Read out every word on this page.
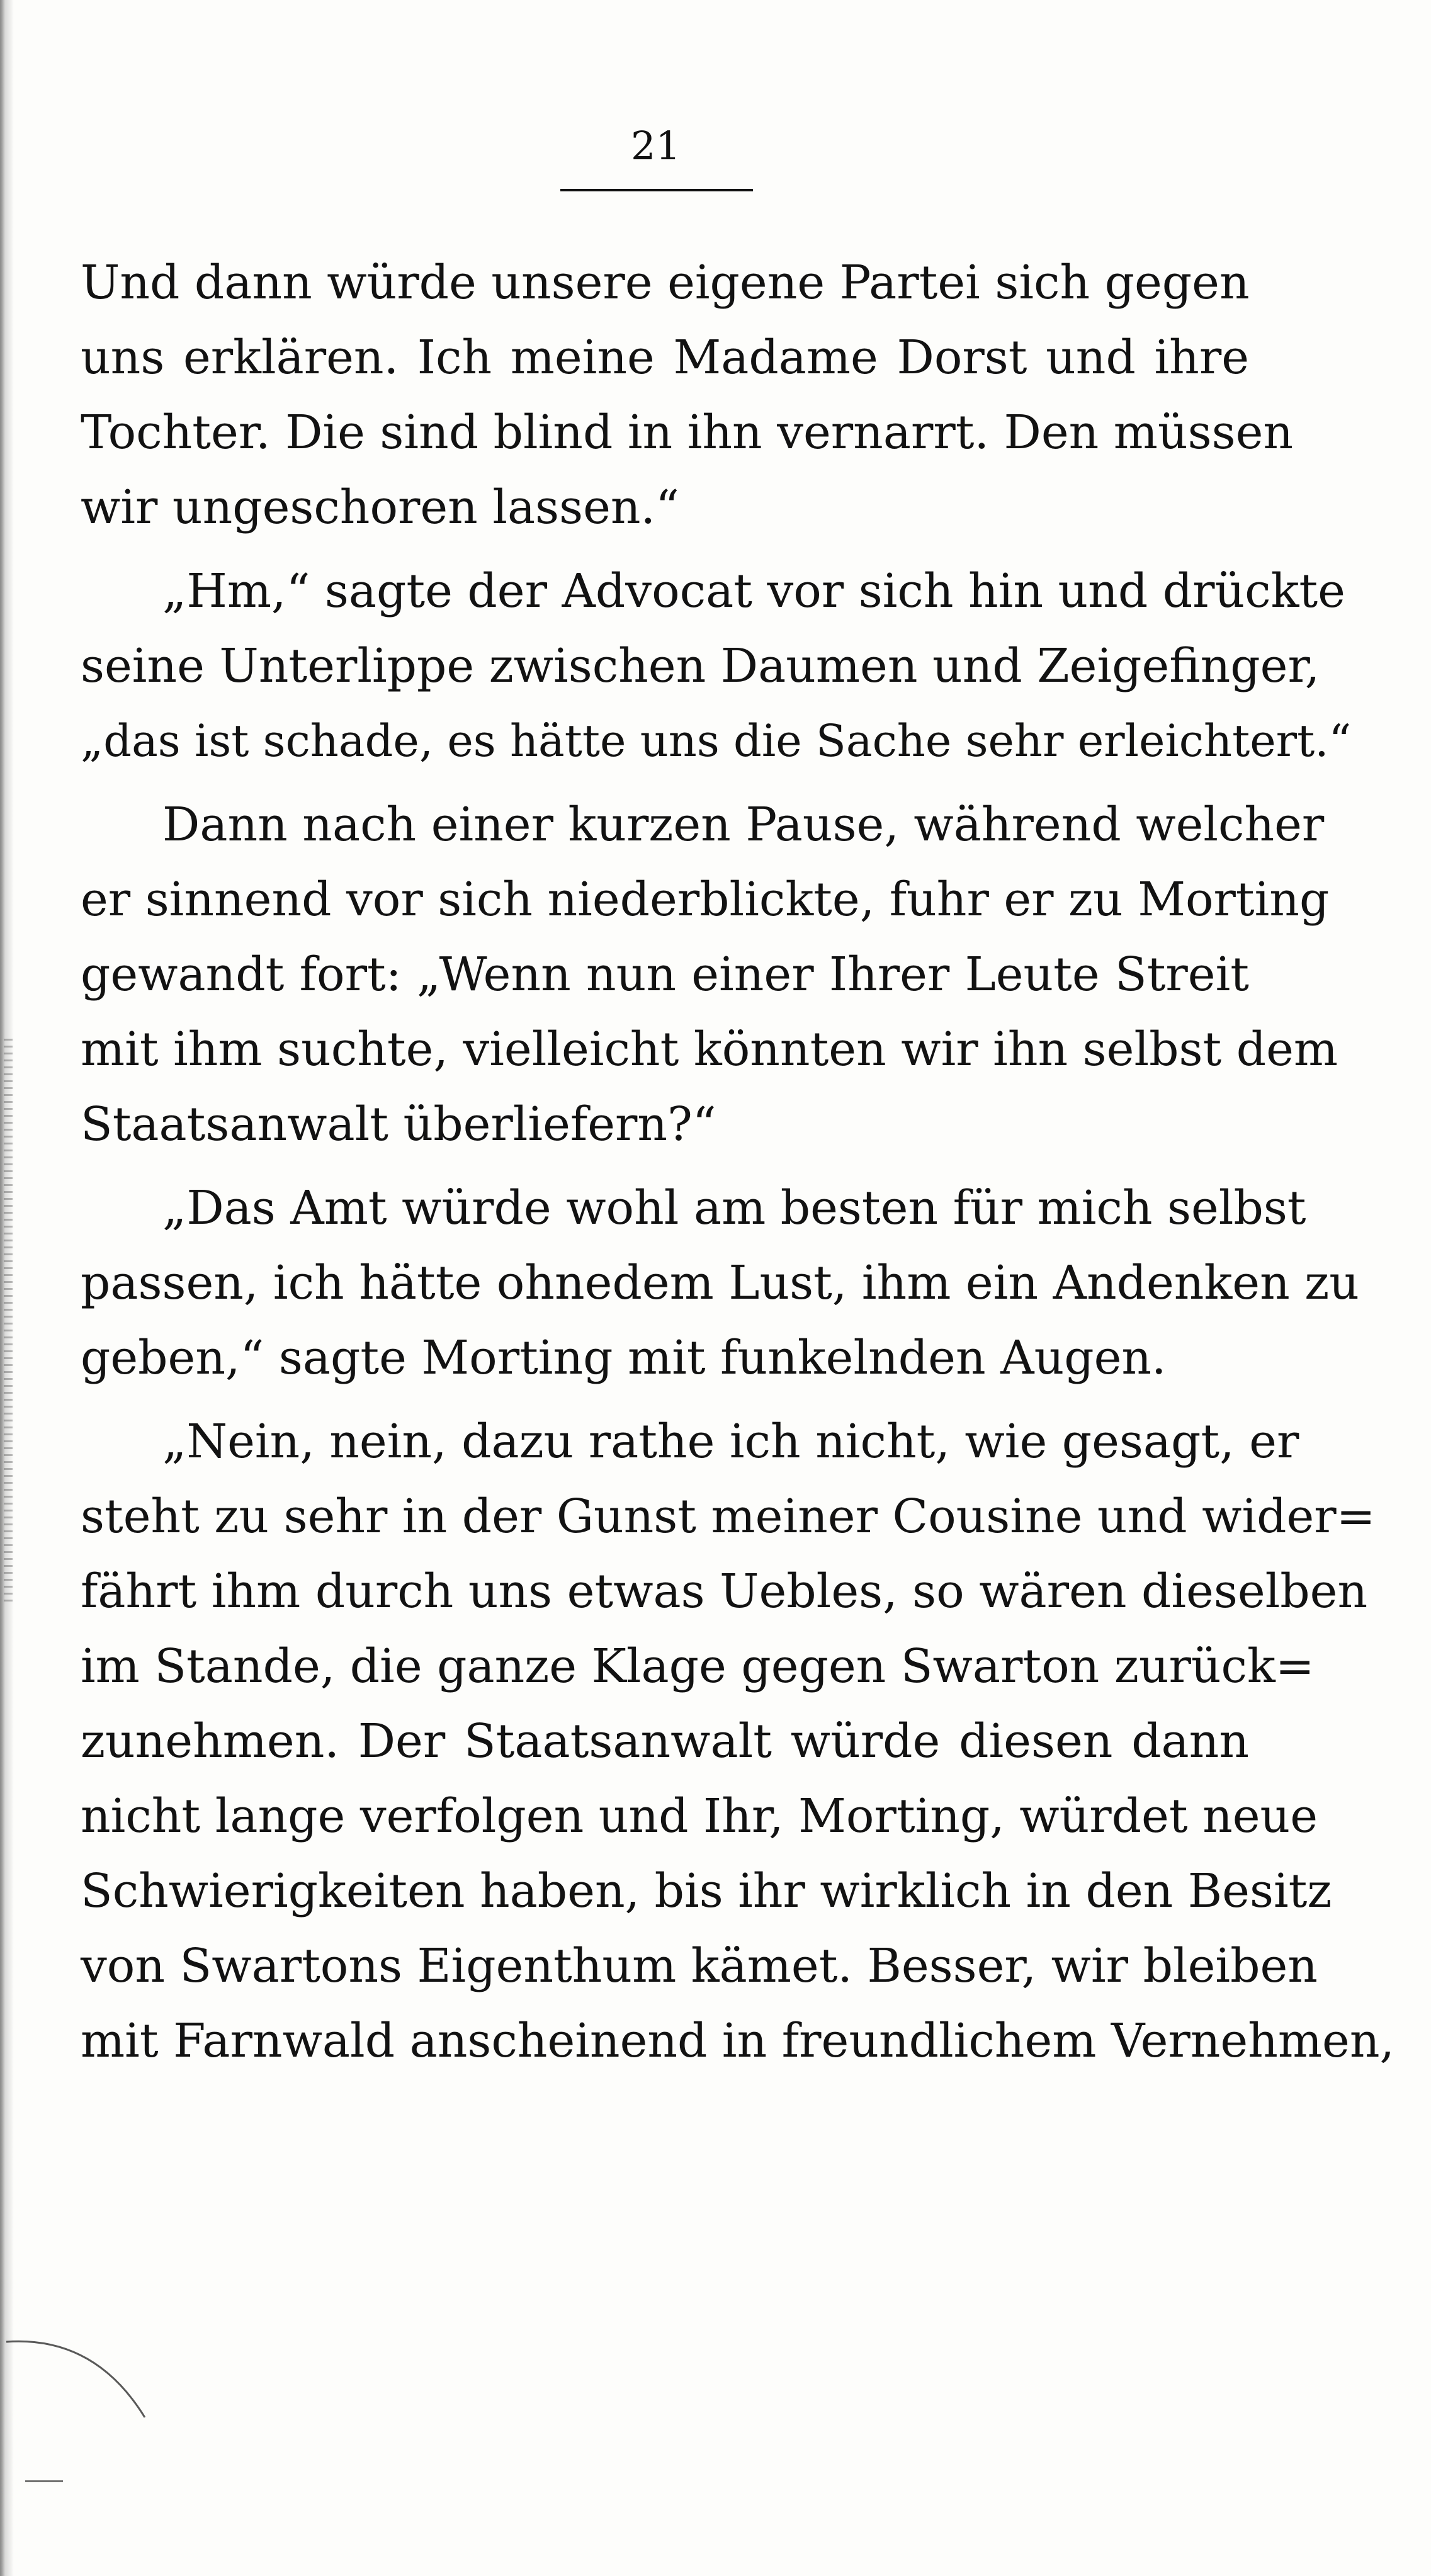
21
Und dann würde unsere eigene Partei sich gegen
uns erklären. Ich meine Madame Dorst und ihre
Tochter. Die sind blind in ihn vernarrt. Den müssen
wir ungeschoren lassen.“
„Hm,“ sagte der Advocat vor sich hin und drückte
seine Unterlippe zwischen Daumen und Zeigefinger,
„das ist schade, es hätte uns die Sache sehr erleichtert.“
Dann nach einer kurzen Pause, während welcher
er sinnend vor sich niederblickte, fuhr er zu Morting
gewandt fort: „Wenn nun einer Ihrer Leute Streit
mit ihm suchte, vielleicht könnten wir ihn selbst dem
Staatsanwalt überliefern?“
„Das Amt würde wohl am besten für mich selbst
passen, ich hätte ohnedem Lust, ihm ein Andenken zu
geben,“ sagte Morting mit funkelnden Augen.
„Nein, nein, dazu rathe ich nicht, wie gesagt, er
steht zu sehr in der Gunst meiner Cousine und wider=
fährt ihm durch uns etwas Uebles, so wären dieselben
im Stande, die ganze Klage gegen Swarton zurück=
zunehmen. Der Staatsanwalt würde diesen dann
nicht lange verfolgen und Ihr, Morting, würdet neue
Schwierigkeiten haben, bis ihr wirklich in den Besitz
von Swartons Eigenthum kämet. Besser, wir bleiben
mit Farnwald anscheinend in freundlichem Vernehmen,
